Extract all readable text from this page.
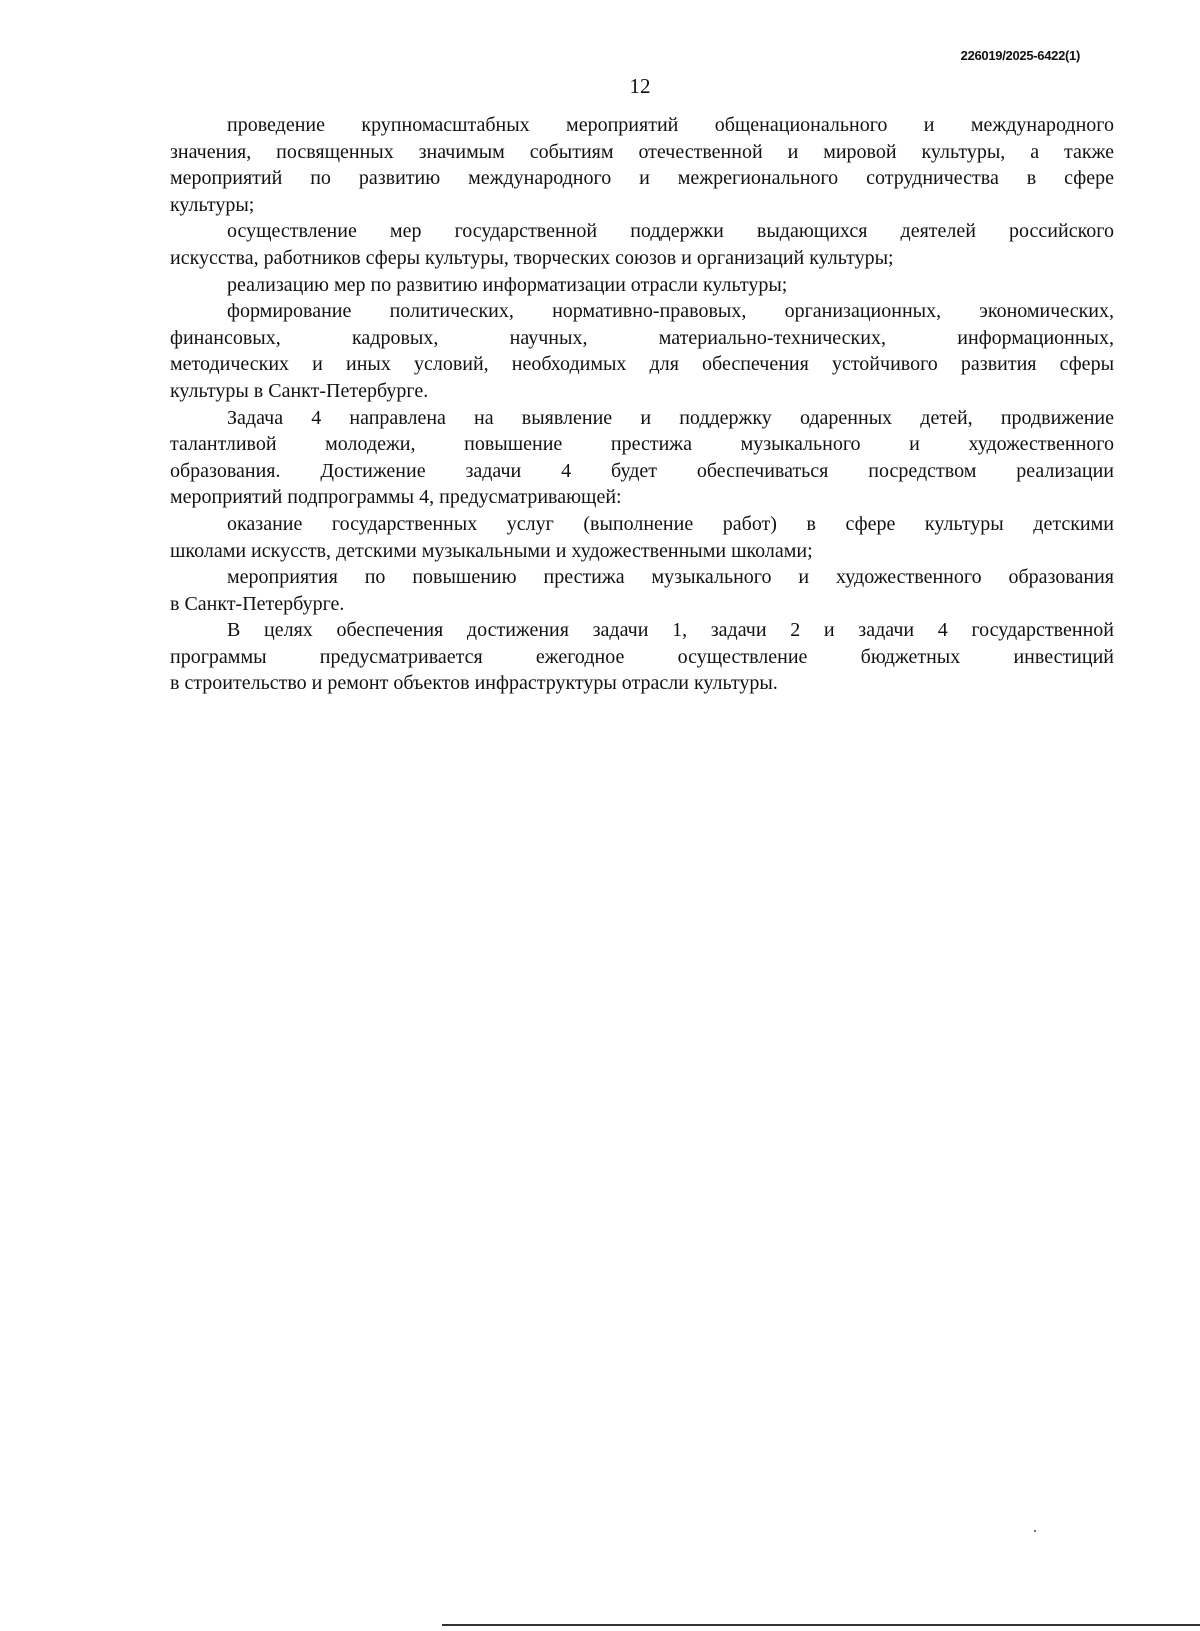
226019/2025-6422(1)
12
проведение крупномасштабных мероприятий общенационального и международного
значения, посвященных значимым событиям отечественной и мировой культуры, а также
мероприятий по развитию международного и межрегионального сотрудничества в сфере
культуры;
осуществление мер государственной поддержки выдающихся деятелей российского
искусства, работников сферы культуры, творческих союзов и организаций культуры;
реализацию мер по развитию информатизации отрасли культуры;
формирование политических, нормативно-правовых, организационных, экономических,
финансовых, кадровых, научных, материально-технических, информационных,
методических и иных условий, необходимых для обеспечения устойчивого развития сферы
культуры в Санкт-Петербурге.
Задача 4 направлена на выявление и поддержку одаренных детей, продвижение
талантливой молодежи, повышение престижа музыкального и художественного
образования. Достижение задачи 4 будет обеспечиваться посредством реализации
мероприятий подпрограммы 4, предусматривающей:
оказание государственных услуг (выполнение работ) в сфере культуры детскими
школами искусств, детскими музыкальными и художественными школами;
мероприятия по повышению престижа музыкального и художественного образования
в Санкт-Петербурге.
В целях обеспечения достижения задачи 1, задачи 2 и задачи 4 государственной
программы предусматривается ежегодное осуществление бюджетных инвестиций
в строительство и ремонт объектов инфраструктуры отрасли культуры.
